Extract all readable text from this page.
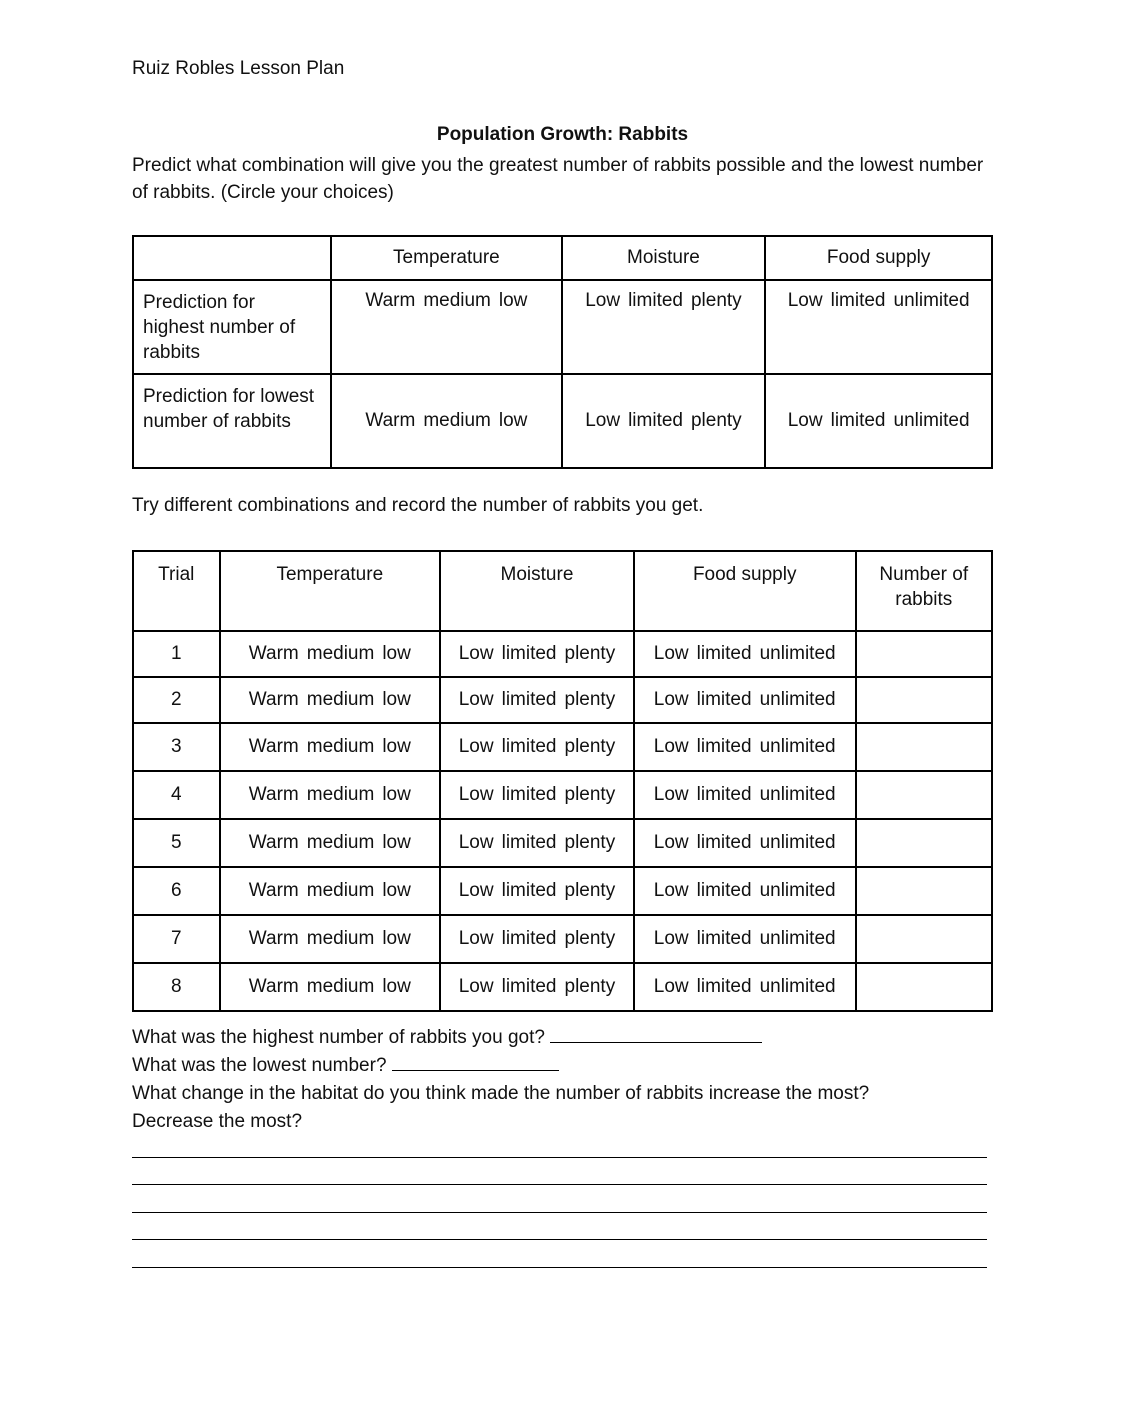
Ruiz Robles Lesson Plan
Population Growth: Rabbits
Predict what combination will give you the greatest number of rabbits possible and the lowest number of rabbits. (Circle your choices)
	Temperature	Moisture	Food supply
Prediction for highest number of rabbits	Warm medium low	Low limited plenty	Low limited unlimited
Prediction for lowest number of rabbits	Warm medium low	Low limited plenty	Low limited unlimited
Try different combinations and record the number of rabbits you get.
Trial	Temperature	Moisture	Food supply	Number of rabbits
1	Warm medium low	Low limited plenty	Low limited unlimited	
2	Warm medium low	Low limited plenty	Low limited unlimited	
3	Warm medium low	Low limited plenty	Low limited unlimited	
4	Warm medium low	Low limited plenty	Low limited unlimited	
5	Warm medium low	Low limited plenty	Low limited unlimited	
6	Warm medium low	Low limited plenty	Low limited unlimited	
7	Warm medium low	Low limited plenty	Low limited unlimited	
8	Warm medium low	Low limited plenty	Low limited unlimited	
What was the highest number of rabbits you got?
What was the lowest number?
What change in the habitat do you think made the number of rabbits increase the most?
Decrease the most?
